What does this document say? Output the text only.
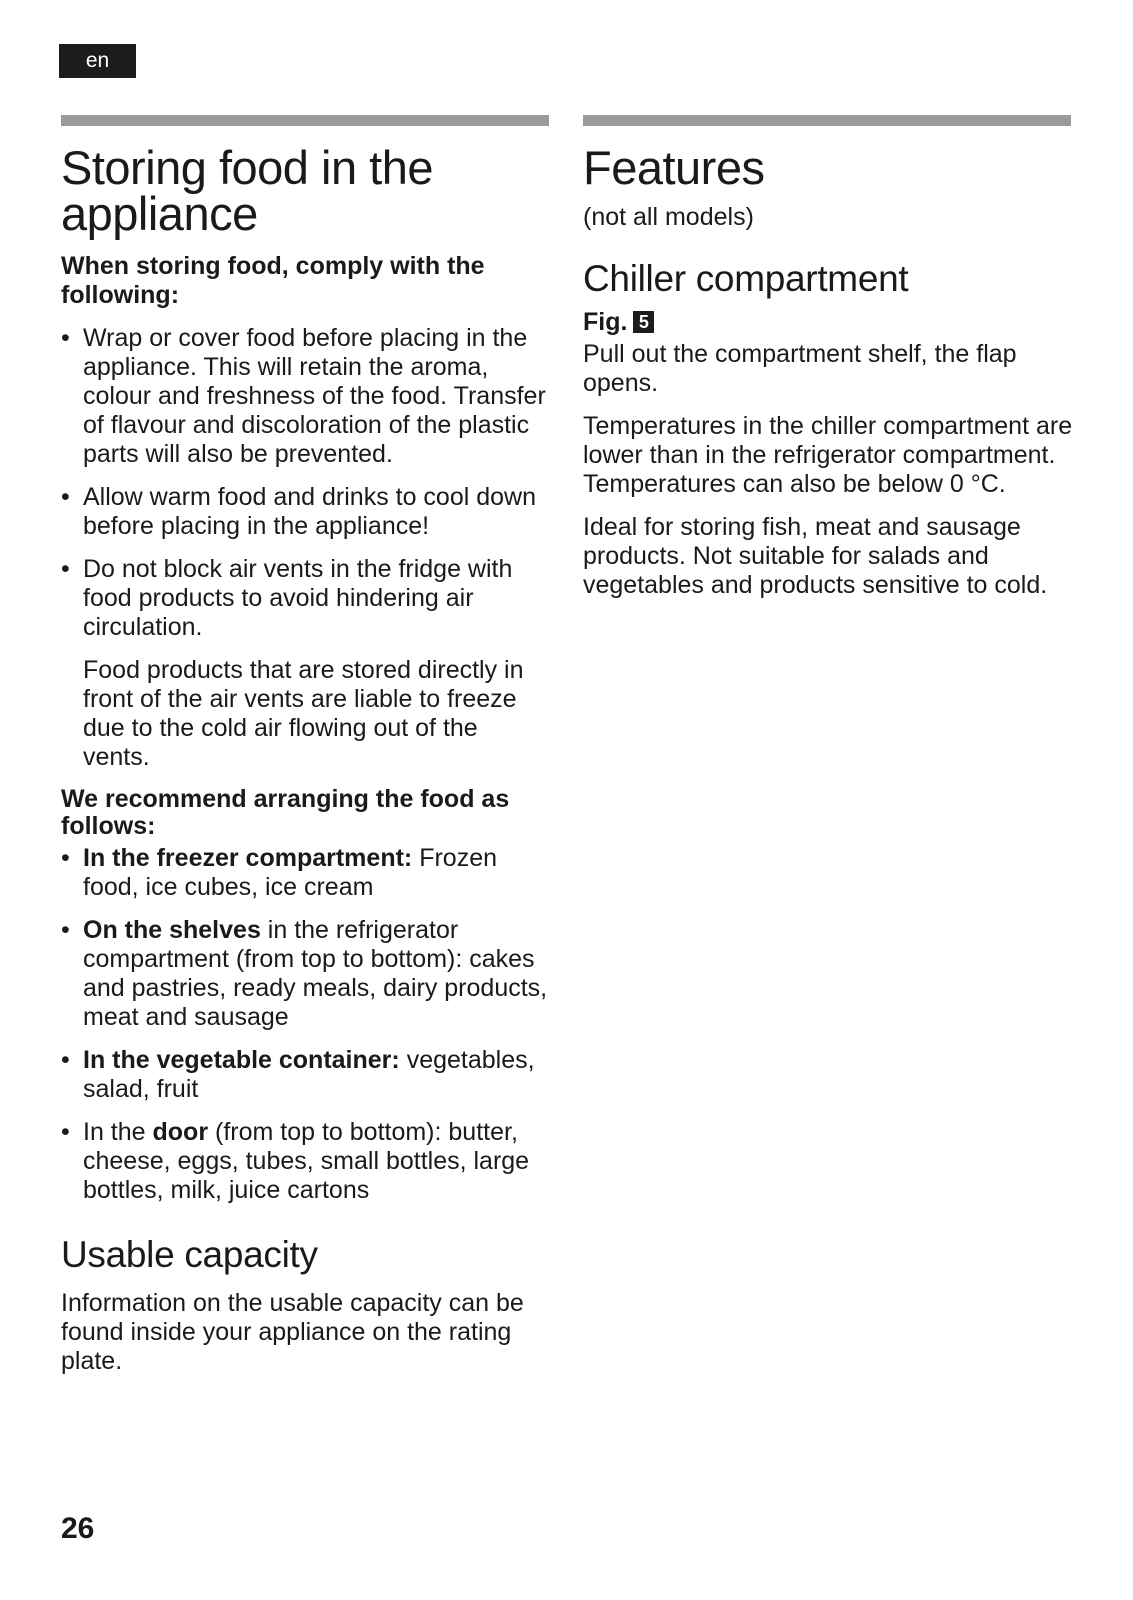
en
Storing food in the
appliance

When storing food, comply with the following:

• Wrap or cover food before placing in the appliance. This will retain the aroma, colour and freshness of the food. Transfer of flavour and discoloration of the plastic parts will also be prevented.
• Allow warm food and drinks to cool down before placing in the appliance!
• Do not block air vents in the fridge with food products to avoid hindering air circulation.

Food products that are stored directly in front of the air vents are liable to freeze due to the cold air flowing out of the vents.

We recommend arranging the food as follows:

• In the freezer compartment: Frozen food, ice cubes, ice cream
• On the shelves in the refrigerator compartment (from top to bottom): cakes and pastries, ready meals, dairy products, meat and sausage
• In the vegetable container: vegetables, salad, fruit
• In the door (from top to bottom): butter, cheese, eggs, tubes, small bottles, large bottles, milk, juice cartons
Usable capacity

Information on the usable capacity can be found inside your appliance on the rating plate.

Features

(not all models)

Chiller compartment

Fig. 5

Pull out the compartment shelf, the flap opens.

Temperatures in the chiller compartment are lower than in the refrigerator compartment. Temperatures can also be below 0 °C.

Ideal for storing fish, meat and sausage products. Not suitable for salads and vegetables and products sensitive to cold.

26
